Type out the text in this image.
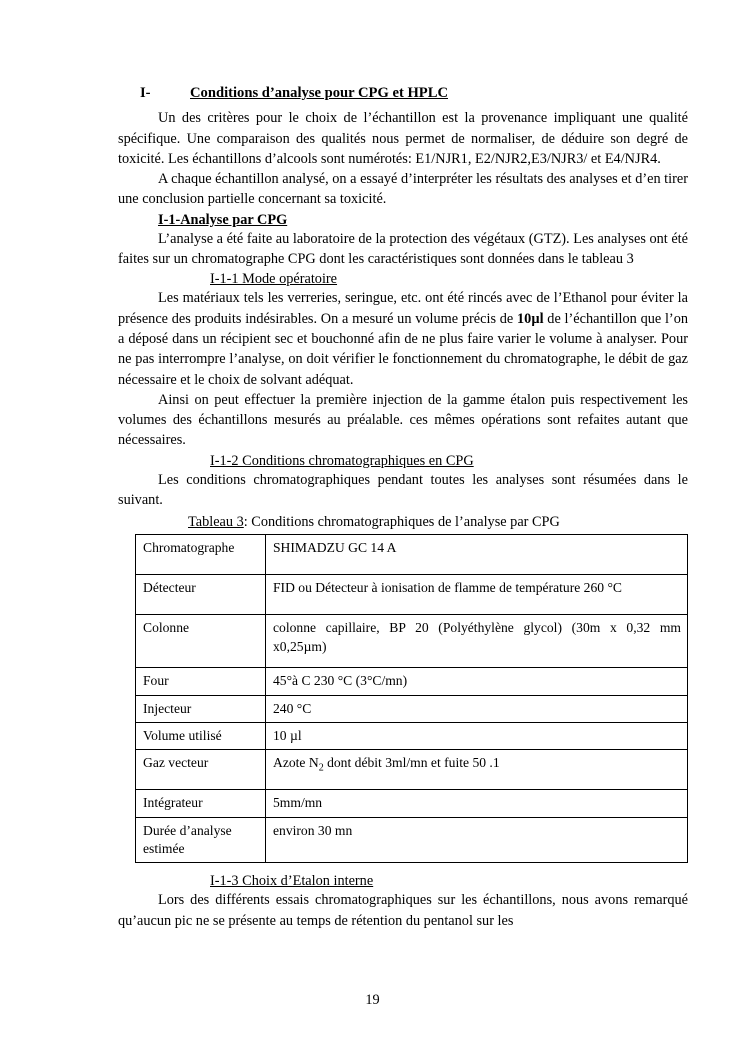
I-	Conditions d’analyse pour CPG et HPLC

Un des critères pour le choix de l’échantillon est la provenance impliquant une qualité spécifique. Une comparaison des qualités nous permet de normaliser, de déduire son degré de toxicité. Les échantillons d’alcools sont numérotés: E1/NJR1, E2/NJR2,E3/NJR3/ et E4/NJR4.

A chaque échantillon analysé, on a essayé d’interpréter les résultats des analyses et d’en tirer une conclusion partielle concernant sa toxicité.

I-1-Analyse par CPG

L’analyse a été faite au laboratoire de la protection des végétaux (GTZ). Les analyses ont été faites sur un chromatographe CPG dont les caractéristiques sont données dans le tableau 3

I-1-1 Mode opératoire

Les matériaux tels les verreries, seringue, etc. ont été rincés avec de l’Ethanol pour éviter la présence des produits indésirables. On a mesuré un volume précis de 10µl de l’échantillon que l’on a déposé dans un récipient sec et bouchonné afin de ne plus faire varier le volume à analyser. Pour ne pas interrompre l’analyse, on doit vérifier le fonctionnement du chromatographe, le débit de gaz nécessaire et le choix de solvant adéquat.

Ainsi on peut effectuer la première injection de la gamme étalon puis respectivement les volumes des échantillons mesurés au préalable. ces mêmes opérations sont refaites autant que nécessaires.

I-1-2 Conditions chromatographiques en CPG

Les conditions chromatographiques pendant toutes les analyses sont résumées dans le suivant.

Tableau 3: Conditions chromatographiques de l’analyse par CPG
Chromatographe	SHIMADZU GC 14 A
Détecteur	FID ou Détecteur à ionisation de flamme de température 260 °C
Colonne	colonne capillaire, BP 20 (Polyéthylène glycol) (30m x 0,32 mm x0,25µm)
Four	45°à C 230 °C (3°C/mn)
Injecteur	240 °C
Volume utilisé	10 µl
Gaz vecteur	Azote $N_2$ dont débit 3ml/mn et fuite 50 .1
Intégrateur	5mm/mn
Durée d’analyse estimée	environ 30 mn
I-1-3 Choix d’Etalon interne

Lors des différents essais chromatographiques sur les échantillons, nous avons remarqué qu’aucun pic ne se présente au temps de rétention du pentanol sur les

19
